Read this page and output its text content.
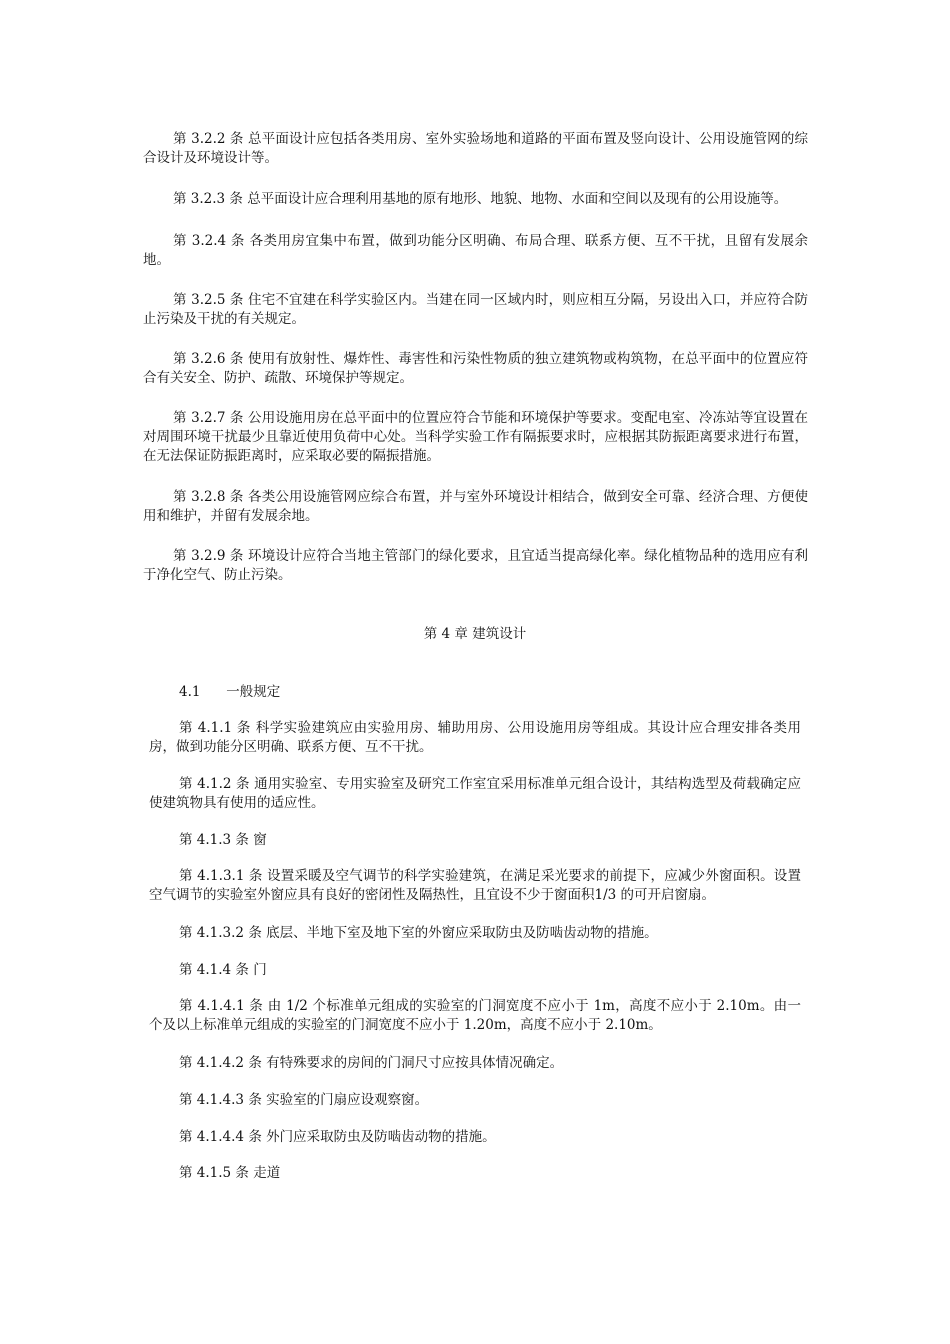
第 3.2.2 条 总平面设计应包括各类用房、室外实验场地和道路的平面布置及竖向设计、公用设施管网的综合设计及环境设计等。

第 3.2.3 条 总平面设计应合理利用基地的原有地形、地貌、地物、水面和空间以及现有的公用设施等。

第 3.2.4 条 各类用房宜集中布置，做到功能分区明确、布局合理、联系方便、互不干扰，且留有发展余地。

第 3.2.5 条 住宅不宜建在科学实验区内。当建在同一区域内时，则应相互分隔，另设出入口，并应符合防止污染及干扰的有关规定。

第 3.2.6 条 使用有放射性、爆炸性、毒害性和污染性物质的独立建筑物或构筑物，在总平面中的位置应符合有关安全、防护、疏散、环境保护等规定。

第 3.2.7 条 公用设施用房在总平面中的位置应符合节能和环境保护等要求。变配电室、冷冻站等宜设置在对周围环境干扰最少且靠近使用负荷中心处。当科学实验工作有隔振要求时，应根据其防振距离要求进行布置，在无法保证防振距离时，应采取必要的隔振措施。

第 3.2.8 条 各类公用设施管网应综合布置，并与室外环境设计相结合，做到安全可靠、经济合理、方便使用和维护，并留有发展余地。

第 3.2.9 条 环境设计应符合当地主管部门的绿化要求，且宜适当提高绿化率。绿化植物品种的选用应有利于净化空气、防止污染。

第 4 章 建筑设计

4.1      一般规定

第 4.1.1 条 科学实验建筑应由实验用房、辅助用房、公用设施用房等组成。其设计应合理安排各类用房，做到功能分区明确、联系方便、互不干扰。

第 4.1.2 条 通用实验室、专用实验室及研究工作室宜采用标准单元组合设计，其结构选型及荷载确定应使建筑物具有使用的适应性。

第 4.1.3 条 窗

第 4.1.3.1 条 设置采暖及空气调节的科学实验建筑，在满足采光要求的前提下，应减少外窗面积。设置空气调节的实验室外窗应具有良好的密闭性及隔热性，且宜设不少于窗面积1/3 的可开启窗扇。

第 4.1.3.2 条 底层、半地下室及地下室的外窗应采取防虫及防啮齿动物的措施。

第 4.1.4 条 门

第 4.1.4.1 条 由 1/2 个标准单元组成的实验室的门洞宽度不应小于 1m，高度不应小于 2.10m。由一个及以上标准单元组成的实验室的门洞宽度不应小于 1.20m，高度不应小于 2.10m。

第 4.1.4.2 条 有特殊要求的房间的门洞尺寸应按具体情况确定。

第 4.1.4.3 条 实验室的门扇应设观察窗。

第 4.1.4.4 条 外门应采取防虫及防啮齿动物的措施。

第 4.1.5 条 走道
